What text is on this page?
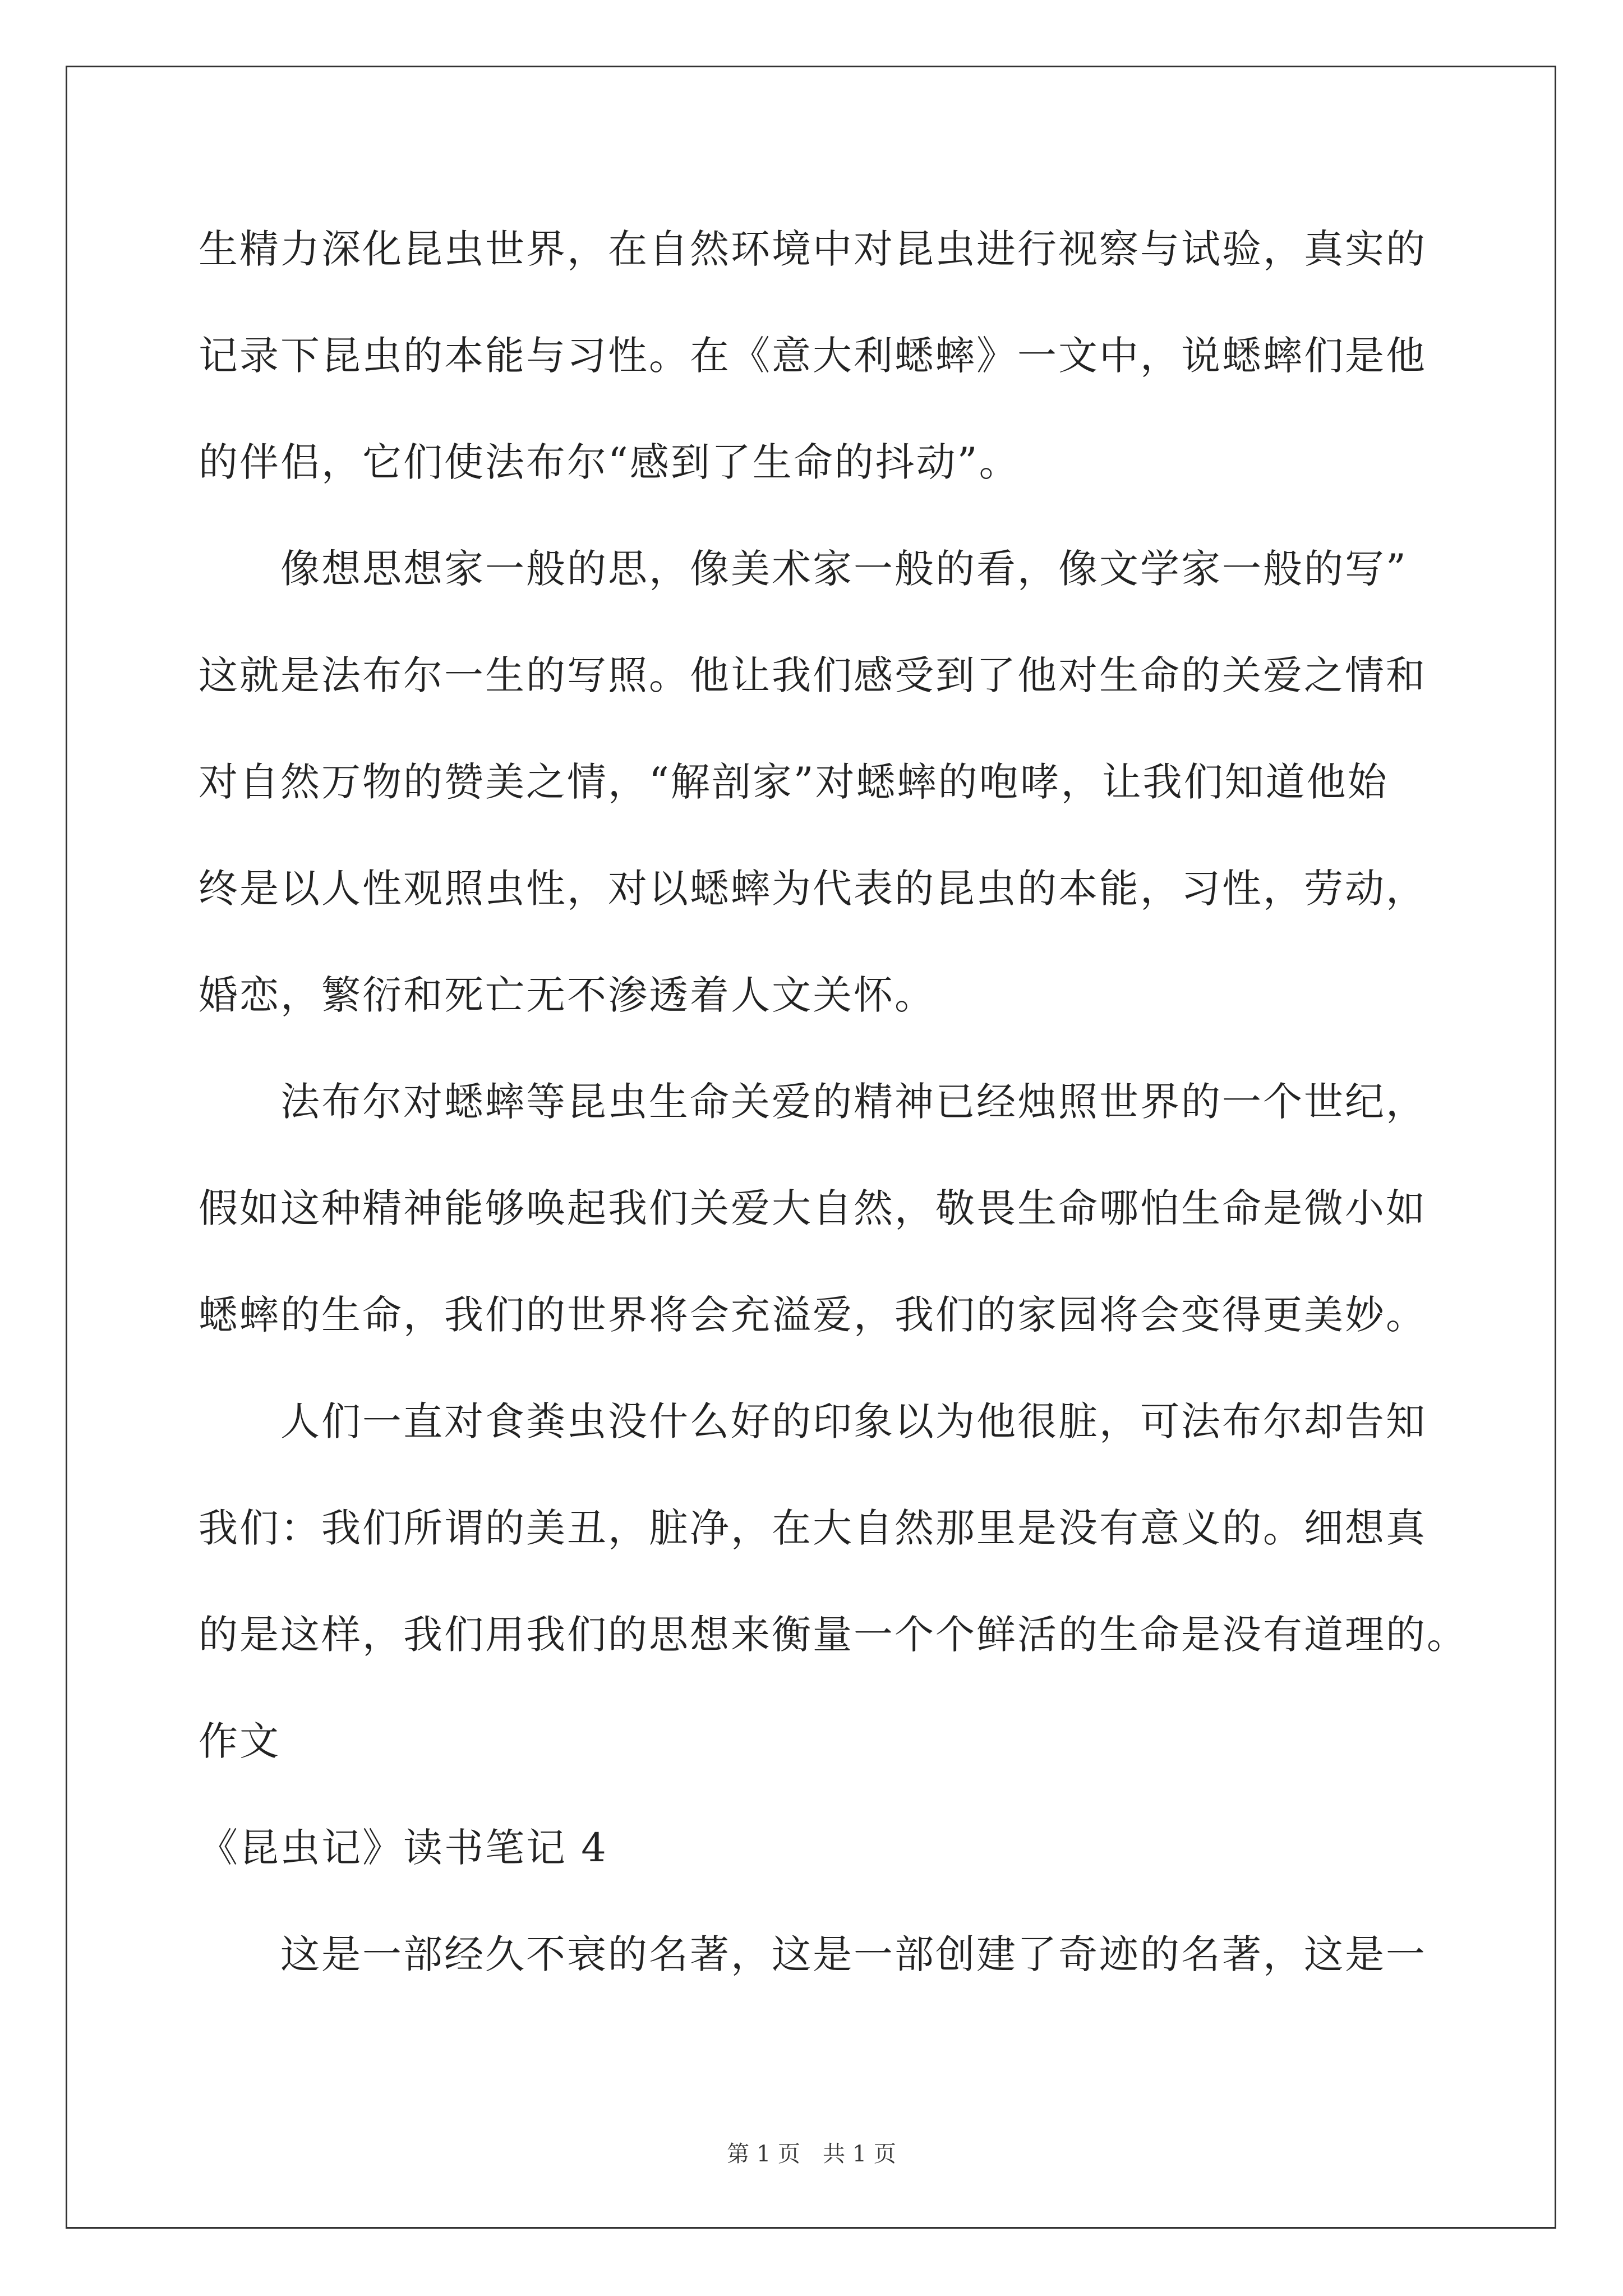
生精力深化昆虫世界，在自然环境中对昆虫进行视察与试验，真实的
记录下昆虫的本能与习性。在《意大利蟋蟀》一文中，说蟋蟀们是他
的伴侣，它们使法布尔“感到了生命的抖动”。
　　像想思想家一般的思，像美术家一般的看，像文学家一般的写”
这就是法布尔一生的写照。他让我们感受到了他对生命的关爱之情和
对自然万物的赞美之情，“解剖家”对蟋蟀的咆哮，让我们知道他始
终是以人性观照虫性，对以蟋蟀为代表的昆虫的本能，习性，劳动，
婚恋，繁衍和死亡无不渗透着人文关怀。
　　法布尔对蟋蟀等昆虫生命关爱的精神已经烛照世界的一个世纪，
假如这种精神能够唤起我们关爱大自然，敬畏生命哪怕生命是微小如
蟋蟀的生命，我们的世界将会充溢爱，我们的家园将会变得更美妙。
　　人们一直对食粪虫没什么好的印象以为他很脏，可法布尔却告知
我们：我们所谓的美丑，脏净，在大自然那里是没有意义的。细想真
的是这样，我们用我们的思想来衡量一个个鲜活的生命是没有道理的。
作文
《昆虫记》读书笔记 4
　　这是一部经久不衰的名著，这是一部创建了奇迹的名著，这是一
第 1 页　共 1 页
